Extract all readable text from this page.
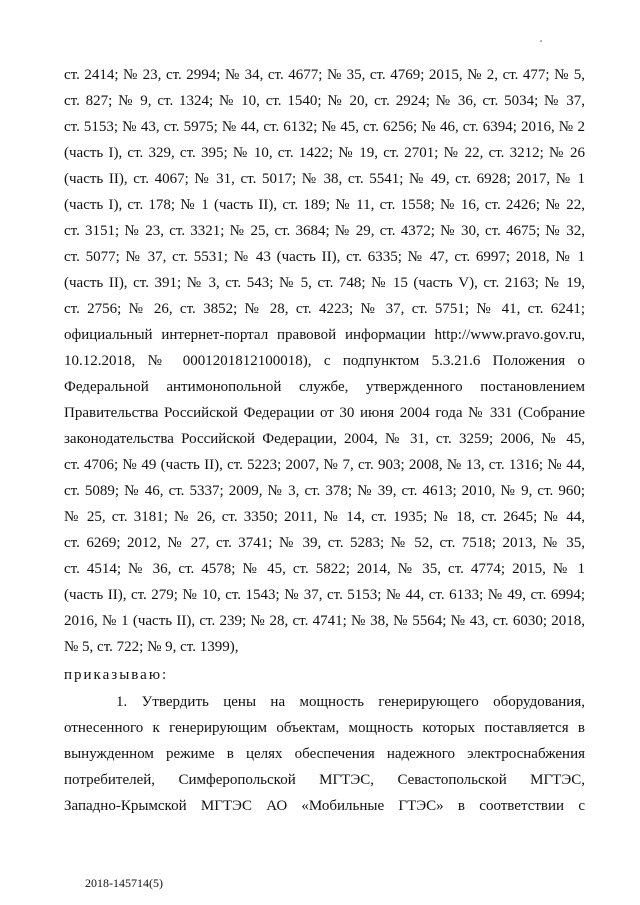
ст. 2414; № 23, ст. 2994; № 34, ст. 4677; № 35, ст. 4769; 2015, № 2, ст. 477; № 5,
ст. 827; № 9, ст. 1324; № 10, ст. 1540; № 20, ст. 2924; № 36, ст. 5034; № 37,
ст. 5153; № 43, ст. 5975; № 44, ст. 6132; № 45, ст. 6256; № 46, ст. 6394; 2016, № 2
(часть I), ст. 329, ст. 395; № 10, ст. 1422; № 19, ст. 2701; № 22, ст. 3212; № 26
(часть II), ст. 4067; № 31, ст. 5017; № 38, ст. 5541; № 49, ст. 6928; 2017, № 1
(часть I), ст. 178; № 1 (часть II), ст. 189; № 11, ст. 1558; № 16, ст. 2426; № 22,
ст. 3151; № 23, ст. 3321; № 25, ст. 3684; № 29, ст. 4372; № 30, ст. 4675; № 32,
ст. 5077; № 37, ст. 5531; № 43 (часть II), ст. 6335; № 47, ст. 6997; 2018, № 1
(часть II), ст. 391; № 3, ст. 543; № 5, ст. 748; № 15 (часть V), ст. 2163; № 19,
ст. 2756; № 26, ст. 3852; № 28, ст. 4223; № 37, ст. 5751; № 41, ст. 6241;
официальный интернет-портал правовой информации http://www.pravo.gov.ru,
10.12.2018, № 0001201812100018), с подпунктом 5.3.21.6 Положения о
Федеральной антимонопольной службе, утвержденного постановлением
Правительства Российской Федерации от 30 июня 2004 года № 331 (Собрание
законодательства Российской Федерации, 2004, № 31, ст. 3259; 2006, № 45,
ст. 4706; № 49 (часть II), ст. 5223; 2007, № 7, ст. 903; 2008, № 13, ст. 1316; № 44,
ст. 5089; № 46, ст. 5337; 2009, № 3, ст. 378; № 39, ст. 4613; 2010, № 9, ст. 960;
№ 25, ст. 3181; № 26, ст. 3350; 2011, № 14, ст. 1935; № 18, ст. 2645; № 44,
ст. 6269; 2012, № 27, ст. 3741; № 39, ст. 5283; № 52, ст. 7518; 2013, № 35,
ст. 4514; № 36, ст. 4578; № 45, ст. 5822; 2014, № 35, ст. 4774; 2015, № 1
(часть II), ст. 279; № 10, ст. 1543; № 37, ст. 5153; № 44, ст. 6133; № 49, ст. 6994;
2016, № 1 (часть II), ст. 239; № 28, ст. 4741; № 38, № 5564; № 43, ст. 6030; 2018,
№ 5, ст. 722; № 9, ст. 1399),
приказываю:
1. Утвердить цены на мощность генерирующего оборудования,
отнесенного к генерирующим объектам, мощность которых поставляется в
вынужденном режиме в целях обеспечения надежного электроснабжения
потребителей, Симферопольской МГТЭС, Севастопольской МГТЭС,
Западно-Крымской МГТЭС АО «Мобильные ГТЭС» в соответствии с
2018-145714(5)
